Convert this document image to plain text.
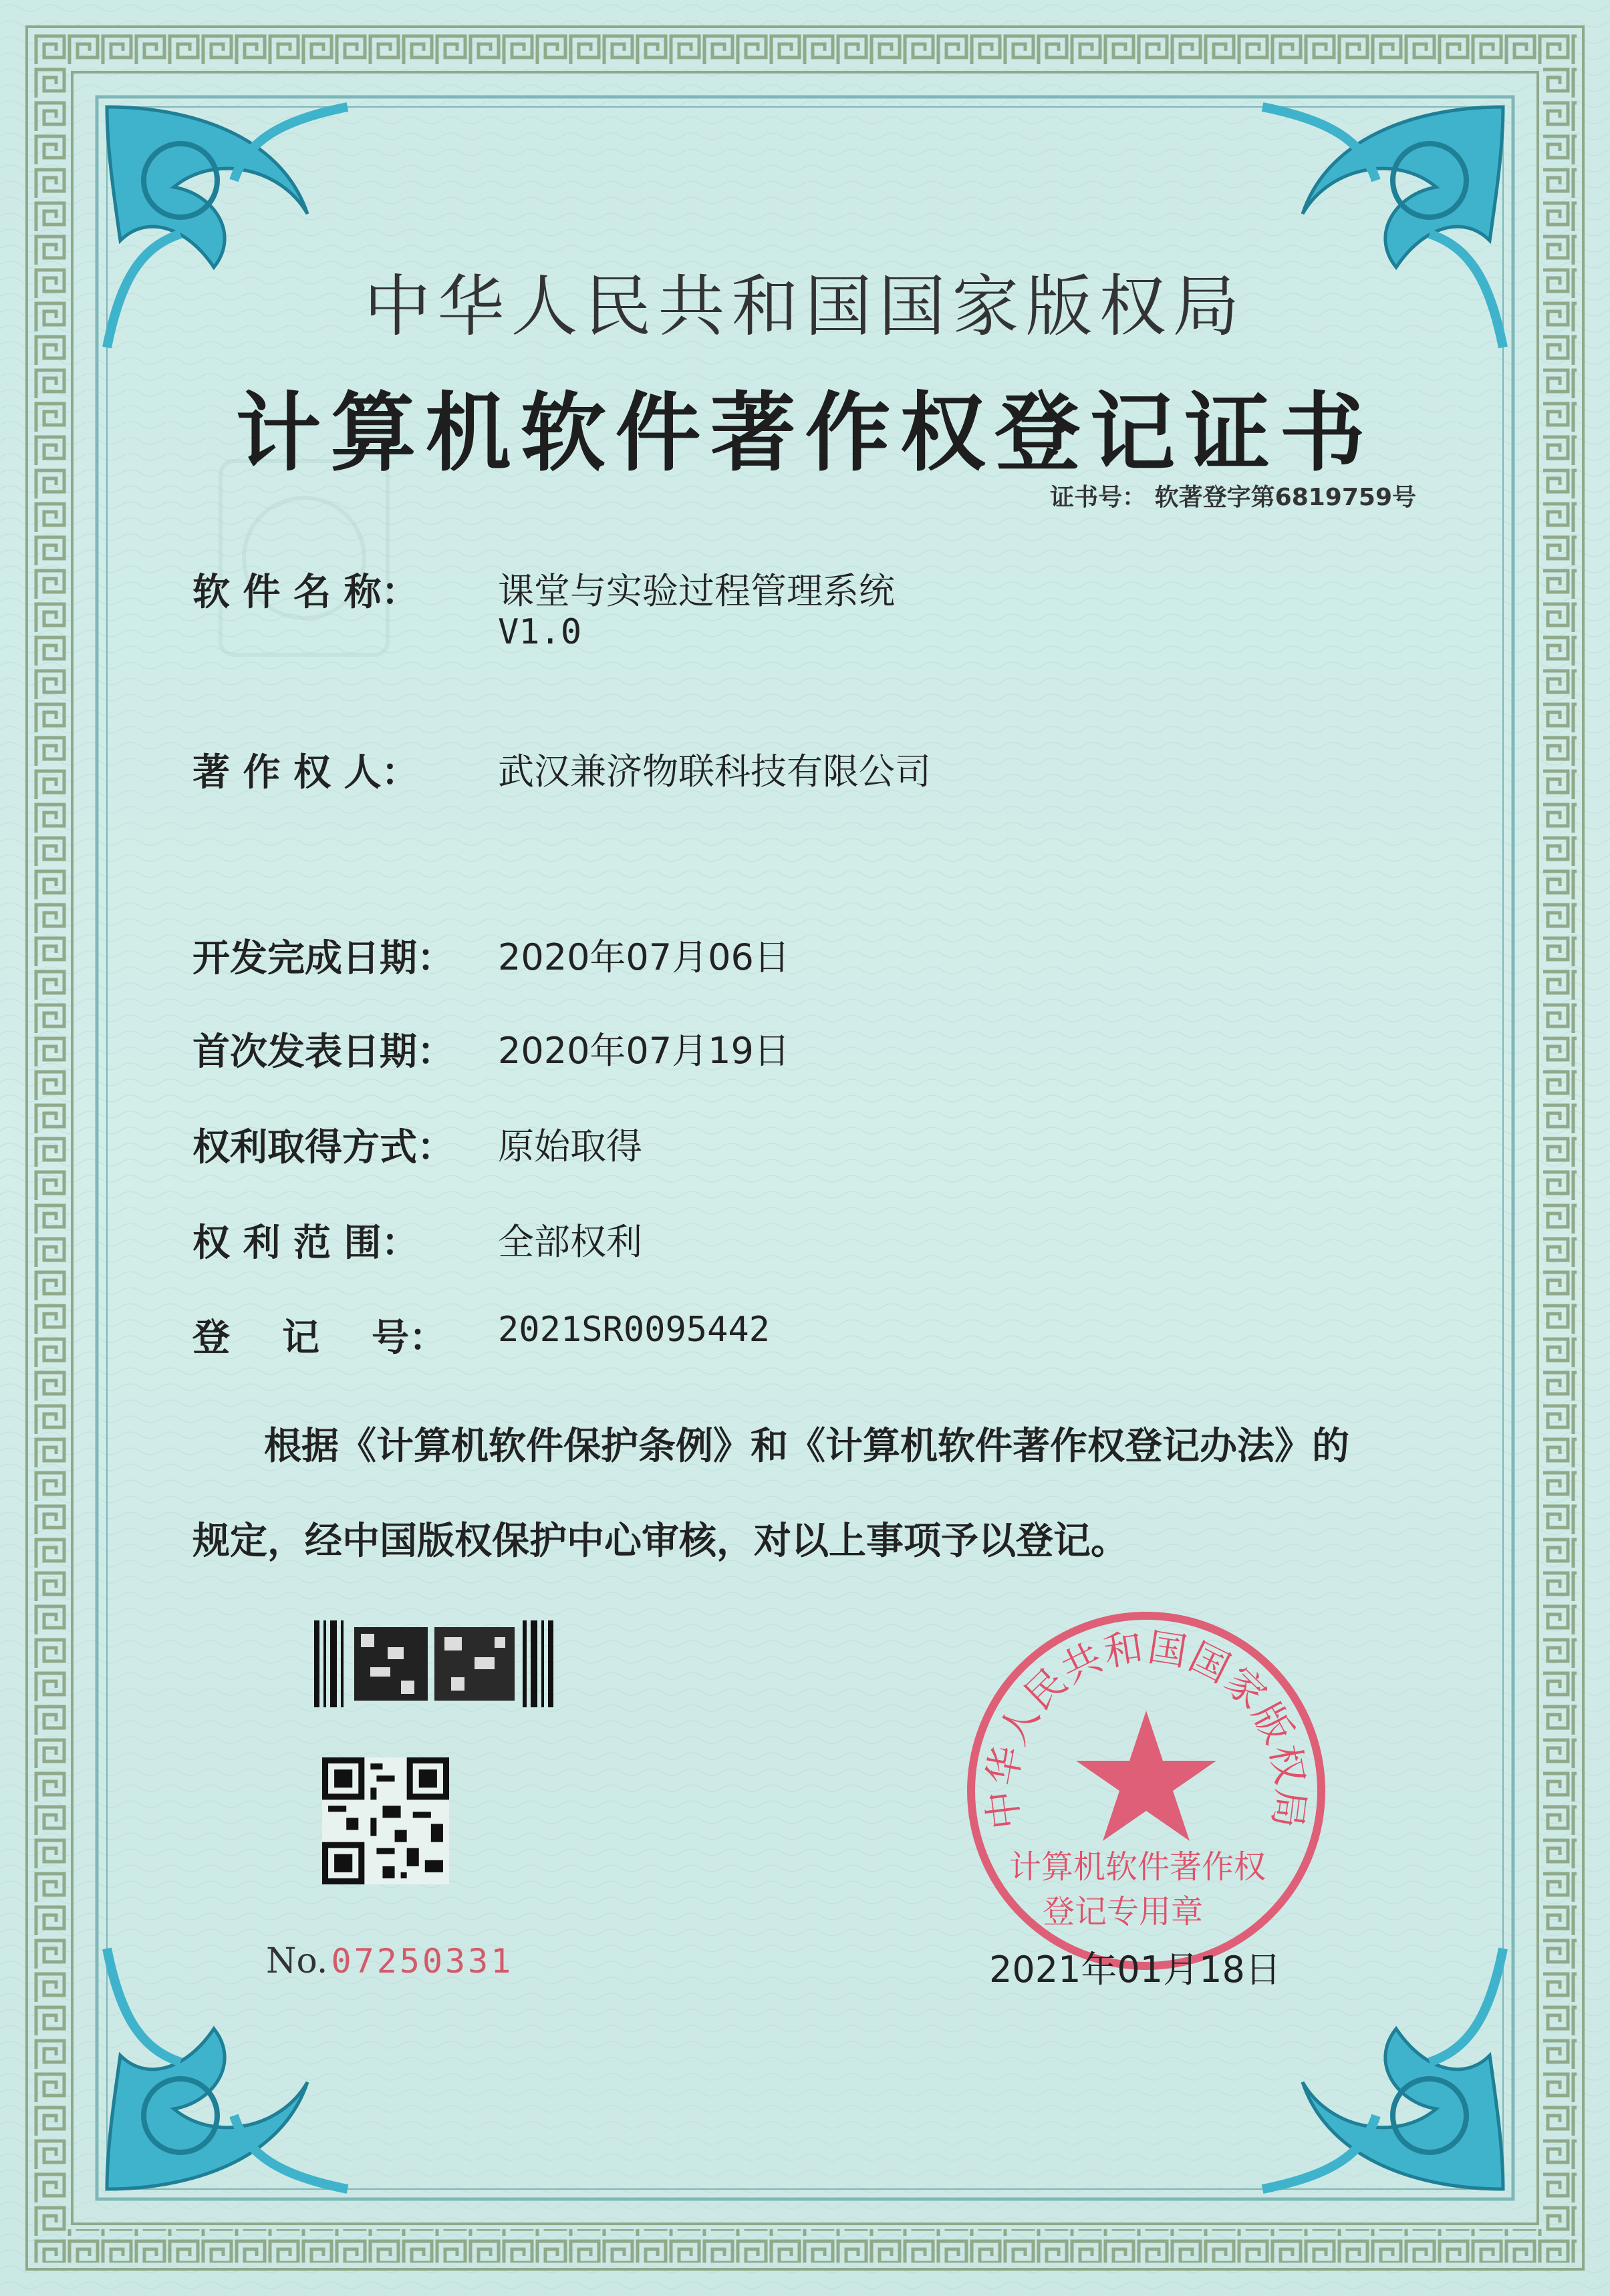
中华人民共和国国家版权局
计算机软件著作权登记证书
证书号： 软著登字第6819759号
软 件 名 称： 课堂与实验过程管理系统
V1.0
著 作 权 人： 武汉兼济物联科技有限公司
开发完成日期： 2020年07月06日
首次发表日期： 2020年07月19日
权利取得方式： 原始取得
权 利 范 围： 全部权利
登    记    号： 2021SR0095442
根据《计算机软件保护条例》和《计算机软件著作权登记办法》的
规定，经中国版权保护中心审核，对以上事项予以登记。
No. 07250331
中华人民共和国国家版权局
计算机软件著作权
登记专用章
2021年01月18日
